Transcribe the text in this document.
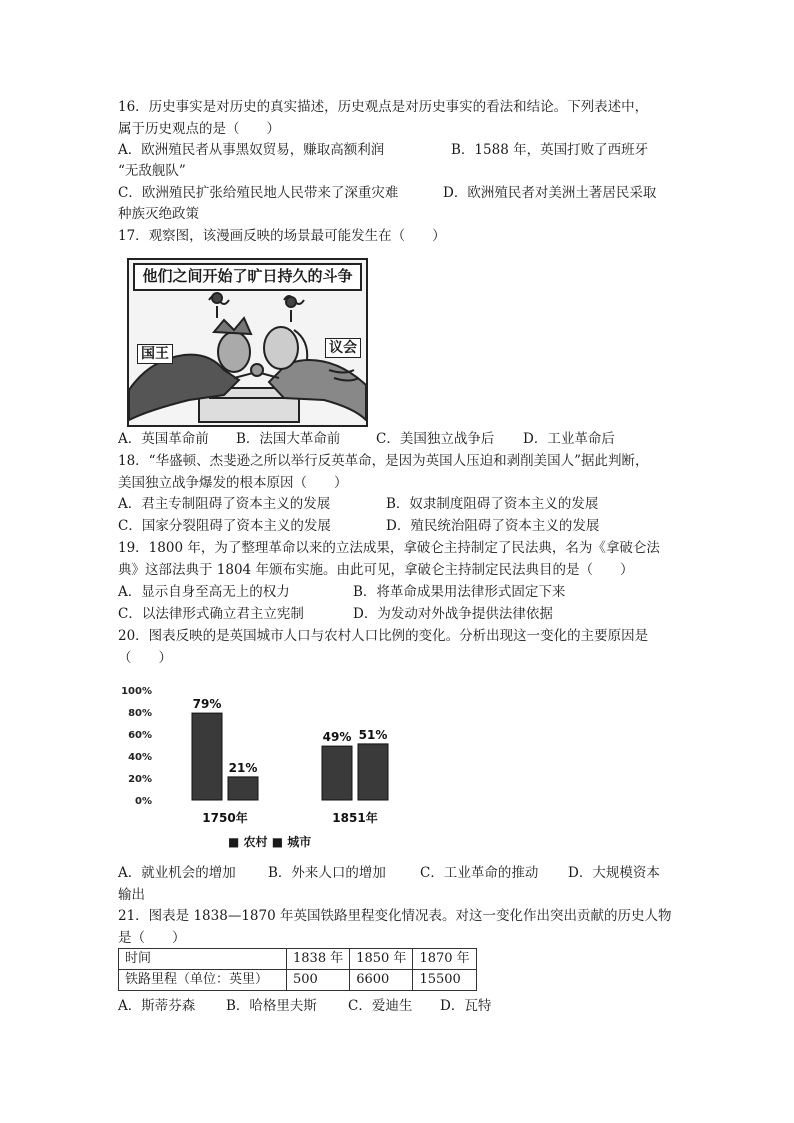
16．历史事实是对历史的真实描述，历史观点是对历史事实的看法和结论。下列表述中，
属于历史观点的是（　　）
A．欧洲殖民者从事黑奴贸易，赚取高额利润	B．1588 年，英国打败了西班牙
“无敌舰队”
C．欧洲殖民扩张给殖民地人民带来了深重灾难	D．欧洲殖民者对美洲土著居民采取
种族灭绝政策
17．观察图，该漫画反映的场景最可能发生在（　　）
他们之间开始了旷日持久的斗争
国王	议会
A．英国革命前 B．法国大革命前	C．美国独立战争后 D．工业革命后
18．“华盛顿、杰斐逊之所以举行反英革命，是因为英国人压迫和剥削美国人”据此判断，
美国独立战争爆发的根本原因（　　）
A．君主专制阻碍了资本主义的发展	B．奴隶制度阻碍了资本主义的发展
C．国家分裂阻碍了资本主义的发展	D．殖民统治阻碍了资本主义的发展
19．1800 年，为了整理革命以来的立法成果，拿破仑主持制定了民法典，名为《拿破仑法
典》这部法典于 1804 年颁布实施。由此可见，拿破仑主持制定民法典目的是（　　）
A．显示自身至高无上的权力	B．将革命成果用法律形式固定下来
C．以法律形式确立君主立宪制	D．为发动对外战争提供法律依据
20．图表反映的是英国城市人口与农村人口比例的变化。分析出现这一变化的主要原因是
（　　）
0%
20%
40%
60%
80%
100%
79%
21%
1750年
49% 51%
1851年
■ 农村 ■ 城市
A．就业机会的增加 B．外来人口的增加	C．工业革命的推动 D．大规模资本
输出
21．图表是 1838—1870 年英国铁路里程变化情况表。对这一变化作出突出贡献的历史人物
是（　　）
时间	1838 年	1850 年	1870 年
铁路里程（单位：英里）	500	6600	15500
A．斯蒂芬森 B．哈格里夫斯 C．爱迪生 D．瓦特
